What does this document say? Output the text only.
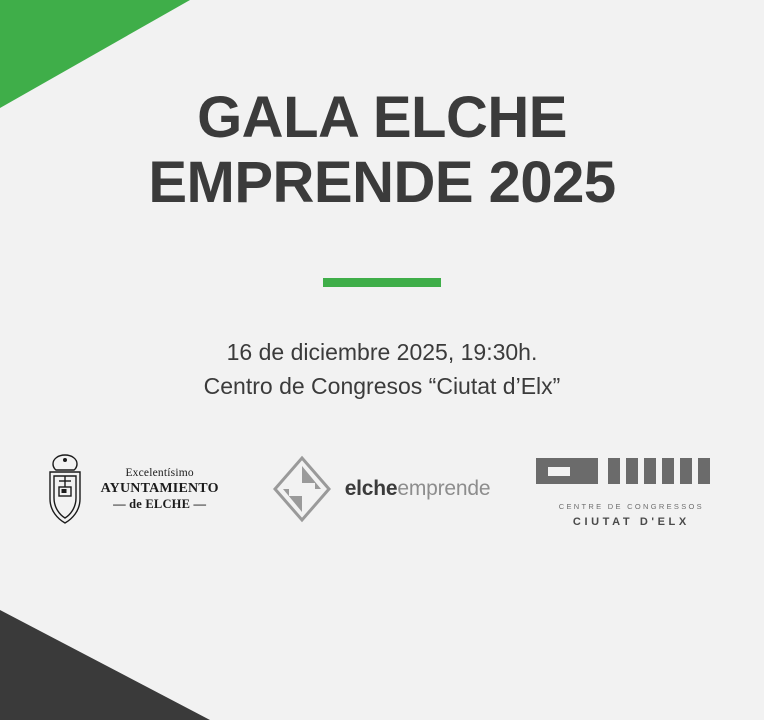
GALA ELCHE
EMPRENDE 2025
16 de diciembre 2025, 19:30h.
Centro de Congresos “Ciutat d’Elx”
Excelentísimo
AYUNTAMIENTO
— de ELCHE —
elcheemprende
CENTRE DE CONGRESSOS
CIUTAT D'ELX
